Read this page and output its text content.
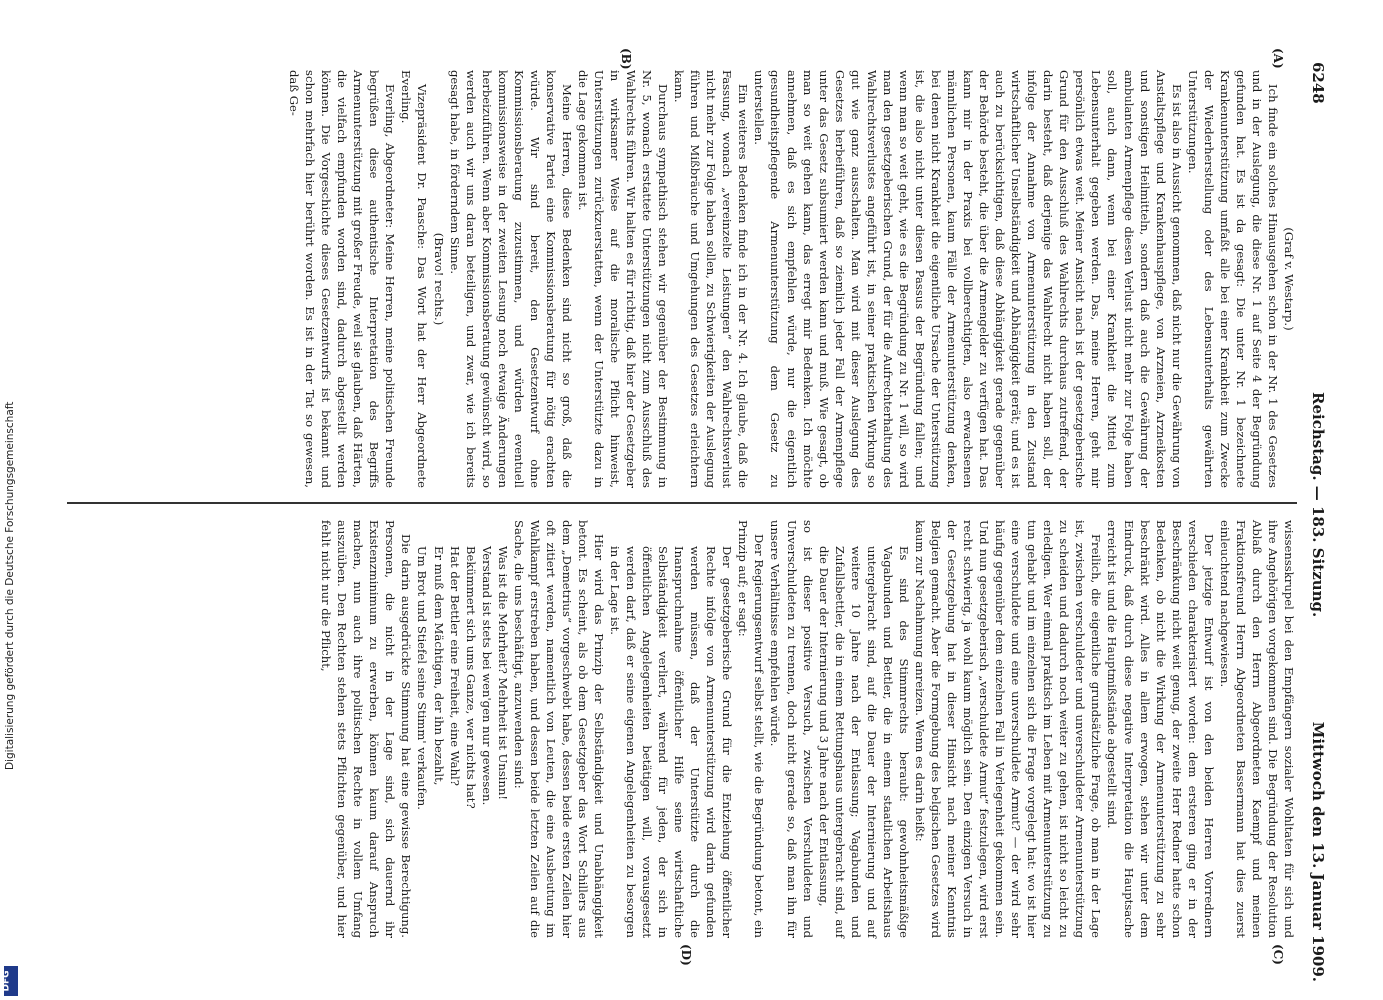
Digitalisierung gefördert durch die Deutsche Forschungsgemeinschaft
DFG
6248
Reichstag. — 183. Sitzung.
Mittwoch den 13. Januar 1909.
(A)
(B)
(C)
(D)

(Graf v. Westarp.)

Ich finde ein solches Hinausgehen schon in der Nr. 1 des Gesetzes und in der Auslegung, die diese Nr. 1 auf Seite 4 der Begründung gefunden hat. Es ist da gesagt: Die unter Nr. 1 bezeichnete Krankenunterstützung umfaßt alle bei einer Krankheit zum Zwecke der Wiederherstellung oder des Lebensunterhalts gewährten Unterstützungen.

Es ist also in Aussicht genommen, daß nicht nur die Gewährung von Anstaltspflege und Krankenhauspflege, von Arzneien, Arzneikosten und sonstigen Heilmitteln, sondern daß auch die Gewährung der ambulanten Armenpflege diesen Verlust nicht mehr zur Folge haben soll, auch dann, wenn bei einer Krankheit die Mittel zum Lebensunterhalt gegeben werden. Das, meine Herren, geht mir persönlich etwas weit. Meiner Ansicht nach ist der gesetzgeberische Grund für den Ausschluß des Wahlrechts durchaus zutreffend, der darin besteht, daß derjenige das Wahlrecht nicht haben soll, der infolge der Annahme von Armenunterstützung in den Zustand wirtschaftlicher Unselbständigkeit und Abhängigkeit gerät; und es ist auch zu berücksichtigen, daß diese Abhängigkeit gerade gegenüber der Behörde besteht, die über die Armengelder zu verfügen hat. Das kann mir in der Praxis bei vollberechtigten, also erwachsenen männlichen Personen, kaum Fälle der Armenunterstützung denken, bei denen nicht Krankheit die eigentliche Ursache der Unterstützung ist, die also nicht unter diesen Passus der Begründung fallen; und wenn man so weit geht, wie es die Begründung zu Nr. 1 will, so wird man den gesetzgeberischen Grund, der für die Aufrechterhaltung des Wahlrechtsverlustes angeführt ist, in seiner praktischen Wirkung so gut wie ganz ausschalten. Man wird mit dieser Auslegung des Gesetzes herbeiführen, daß so ziemlich jeder Fall der Armenpflege unter das Gesetz subsumiert werden kann und muß. Wie gesagt, ob man so weit gehen kann, das erregt mir Bedenken. Ich möchte annehmen, daß es sich empfehlen würde, nur die eigentlich gesundheitspflegende Armenunterstützung dem Gesetz zu unterstellen.

Ein weiteres Bedenken finde ich in der Nr. 4. Ich glaube, daß die Fassung, wonach „vereinzelte Leistungen“ den Wahlrechtsverlust nicht mehr zur Folge haben sollen, zu Schwierigkeiten der Auslegung führen und Mißbräuche und Umgehungen des Gesetzes erleichtern kann.

Durchaus sympathisch stehen wir gegenüber der Bestimmung in Nr. 5, wonach erstattete Unterstützungen nicht zum Ausschluß des Wahlrechts führen. Wir halten es für richtig, daß hier der Gesetzgeber in wirksamer Weise auf die moralische Pflicht hinweist, Unterstützungen zurückzuerstatten, wenn der Unterstützte dazu in die Lage gekommen ist.

Meine Herren, diese Bedenken sind nicht so groß, daß die konservative Partei eine Kommissionsberatung für nötig erachten würde. Wir sind bereit, den Gesetzentwurf ohne Kommissionsberatung zuzustimmen, und würden eventuell kommissionsweise in der zweiten Lesung noch etwaige Änderungen herbeizuführen. Wenn aber Kommissionsberatung gewünscht wird, so werden auch wir uns daran beteiligen, und zwar, wie ich bereits gesagt habe, in förderndem Sinne.

(Bravo! rechts.)

Vizepräsident Dr. Paasche: Das Wort hat der Herr Abgeordnete Everling.

Everling, Abgeordneter: Meine Herren, meine politischen Freunde begrüßen diese authentische Interpretation des Begriffs Armenunterstützung mit großer Freude, weil sie glauben, daß Härten, die vielfach empfunden worden sind, dadurch abgestellt werden können. Die Vorgeschichte dieses Gesetzentwurfs ist bekannt und schon mehrfach hier berührt worden. Es ist in der Tat so gewesen, daß Ge-

wissensskrupel bei den Empfängern sozialer Wohltaten für sich und ihre Angehörigen vorgekommen sind. Die Begründung der Resolution Ablaß durch den Herrn Abgeordneten Kaempf und meinen Fraktionsfreund Herrn Abgeordneten Bassermann hat dies zuerst einleuchtend nachgewiesen.

Der jetzige Entwurf ist von den beiden Herren Vorrednern verschieden charakterisiert worden: dem ersteren ging er in der Beschränkung nicht weit genug, der zweite Herr Redner hatte schon Bedenken, ob nicht die Wirkung der Armenunterstützung zu sehr beschränkt wird. Alles in allem erwogen, stehen wir unter dem Eindruck, daß durch diese negative Interpretation die Hauptsache erreicht ist und die Hauptmißstände abgestellt sind.

Freilich, die eigentliche grundsätzliche Frage, ob man in der Lage ist, zwischen verschuldeter und unverschuldeter Armenunterstützung zu scheiden und dadurch noch weiter zu gehen, ist nicht so leicht zu erledigen. Wer einmal praktisch im Leben mit Armenunterstützung zu tun gehabt und im einzelnen sich die Frage vorgelegt hat: wo ist hier eine verschuldete und eine unverschuldete Armut? — der wird sehr häufig gegenüber dem einzelnen Fall in Verlegenheit gekommen sein. Und nun gesetzgeberisch „verschuldete Armut“ festzulegen, wird erst recht schwierig, ja wohl kaum möglich sein. Den einzigen Versuch in der Gesetzgebung hat in dieser Hinsicht nach meiner Kenntnis Belgien gemacht. Aber die Formgebung des belgischen Gesetzes wird kaum zur Nachahmung anreizen. Wenn es darin heißt:

Es sind des Stimmrechts beraubt: gewohnheitsmäßige Vagabunden und Bettler, die in einem staatlichen Arbeitshaus untergebracht sind, auf die Dauer der Internierung und auf weitere 10 Jahre nach der Entlassung; Vagabunden und Zufallsbettler, die in einem Rettungshaus untergebracht sind, auf die Dauer der Internierung und 3 Jahre nach der Entlassung,

so ist dieser positive Versuch, zwischen Verschuldeten und Unverschuldeten zu trennen, doch nicht gerade so, daß man ihn für unsere Verhältnisse empfehlen würde.

Der Regierungsentwurf selbst stellt, wie die Begründung betont, ein Prinzip auf; er sagt:

Der gesetzgeberische Grund für die Entziehung öffentlicher Rechte infolge von Armenunterstützung wird darin gefunden werden müssen, daß der Unterstützte durch die Inanspruchnahme öffentlicher Hilfe seine wirtschaftliche Selbständigkeit verliert, während für jeden, der sich in öffentlichen Angelegenheiten betätigen will, vorausgesetzt werden darf, daß er seine eigenen Angelegenheiten zu besorgen in der Lage ist.

Hier wird das Prinzip der Selbständigkeit und Unabhängigkeit betont. Es scheint, als ob dem Gesetzgeber das Wort Schillers aus dem „Demetrius“ vorgeschwebt habe, dessen beide ersten Zeilen hier oft zitiert werden, namentlich von Leuten, die eine Ausbeutung im Wahlkampf erstreben haben, und dessen beide letzten Zeilen auf die Sache, die uns beschäftigt, anzuwenden sind:

Was ist die Mehrheit? Mehrheit ist Unsinn!

Verstand ist stets bei wen'gen nur gewesen.

Bekümmert sich ums Ganze, wer nichts hat?

Hat der Bettler eine Freiheit, eine Wahl?

Er muß dem Mächtigen, der ihn bezahlt,

Um Brot und Stiefel seine Stimm' verkaufen.

Die darin ausgedrückte Stimmung hat eine gewisse Berechtigung. Personen, die nicht in der Lage sind, sich dauernd ihr Existenzminimum zu erwerben, können kaum darauf Anspruch machen, nun auch ihre politischen Rechte in vollem Umfang auszuüben. Den Rechten stehen stets Pflichten gegenüber, und hier fehlt nicht nur die Pflicht,
